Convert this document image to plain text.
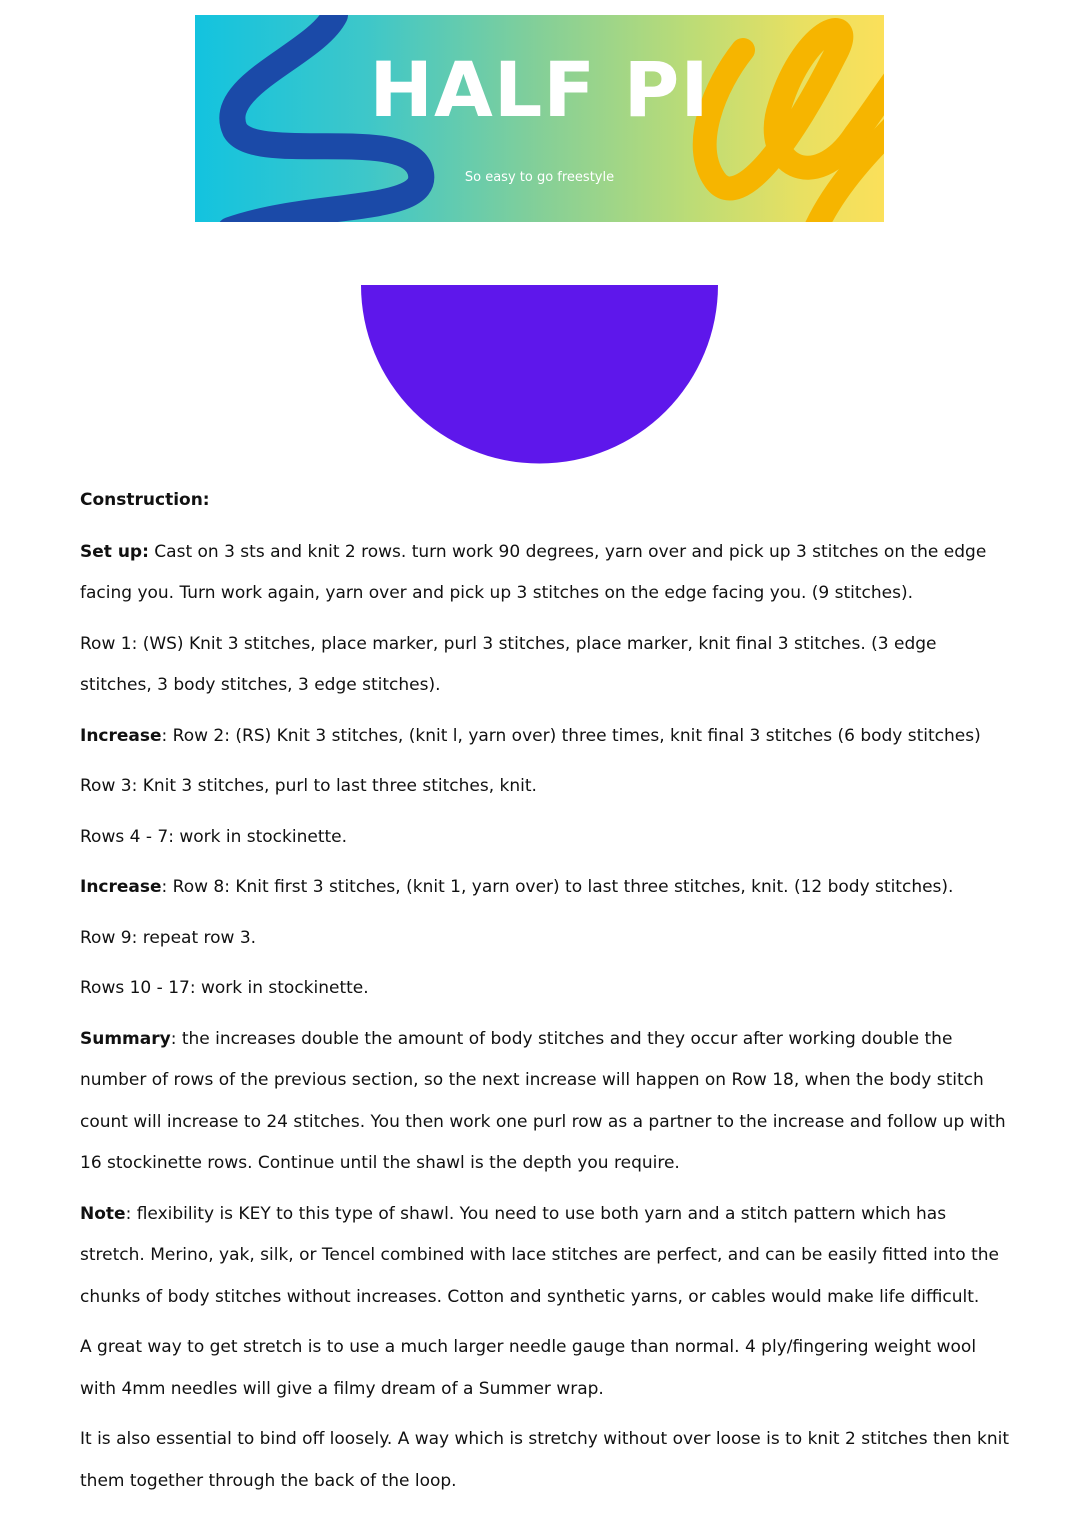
HALF PI
So easy to go freestyle

Construction:

Set up: Cast on 3 sts and knit 2 rows. turn work 90 degrees, yarn over and pick up 3 stitches on the edge facing you. Turn work again, yarn over and pick up 3 stitches on the edge facing you. (9 stitches).

Row 1: (WS) Knit 3 stitches, place marker, purl 3 stitches, place marker, knit final 3 stitches. (3 edge stitches, 3 body stitches, 3 edge stitches).

Increase: Row 2: (RS) Knit 3 stitches, (knit l, yarn over) three times, knit final 3 stitches (6 body stitches)

Row 3: Knit 3 stitches, purl to last three stitches, knit.

Rows 4 - 7: work in stockinette.

Increase: Row 8: Knit first 3 stitches, (knit 1, yarn over) to last three stitches, knit. (12 body stitches).

Row 9: repeat row 3.

Rows 10 - 17: work in stockinette.

Summary: the increases double the amount of body stitches and they occur after working double the number of rows of the previous section, so the next increase will happen on Row 18, when the body stitch count will increase to 24 stitches. You then work one purl row as a partner to the increase and follow up with 16 stockinette rows. Continue until the shawl is the depth you require.

Note: flexibility is KEY to this type of shawl. You need to use both yarn and a stitch pattern which has stretch. Merino, yak, silk, or Tencel combined with lace stitches are perfect, and can be easily fitted into the chunks of body stitches without increases. Cotton and synthetic yarns, or cables would make life difficult.

A great way to get stretch is to use a much larger needle gauge than normal. 4 ply/fingering weight wool with 4mm needles will give a filmy dream of a Summer wrap.

It is also essential to bind off loosely. A way which is stretchy without over loose is to knit 2 stitches then knit them together through the back of the loop.
